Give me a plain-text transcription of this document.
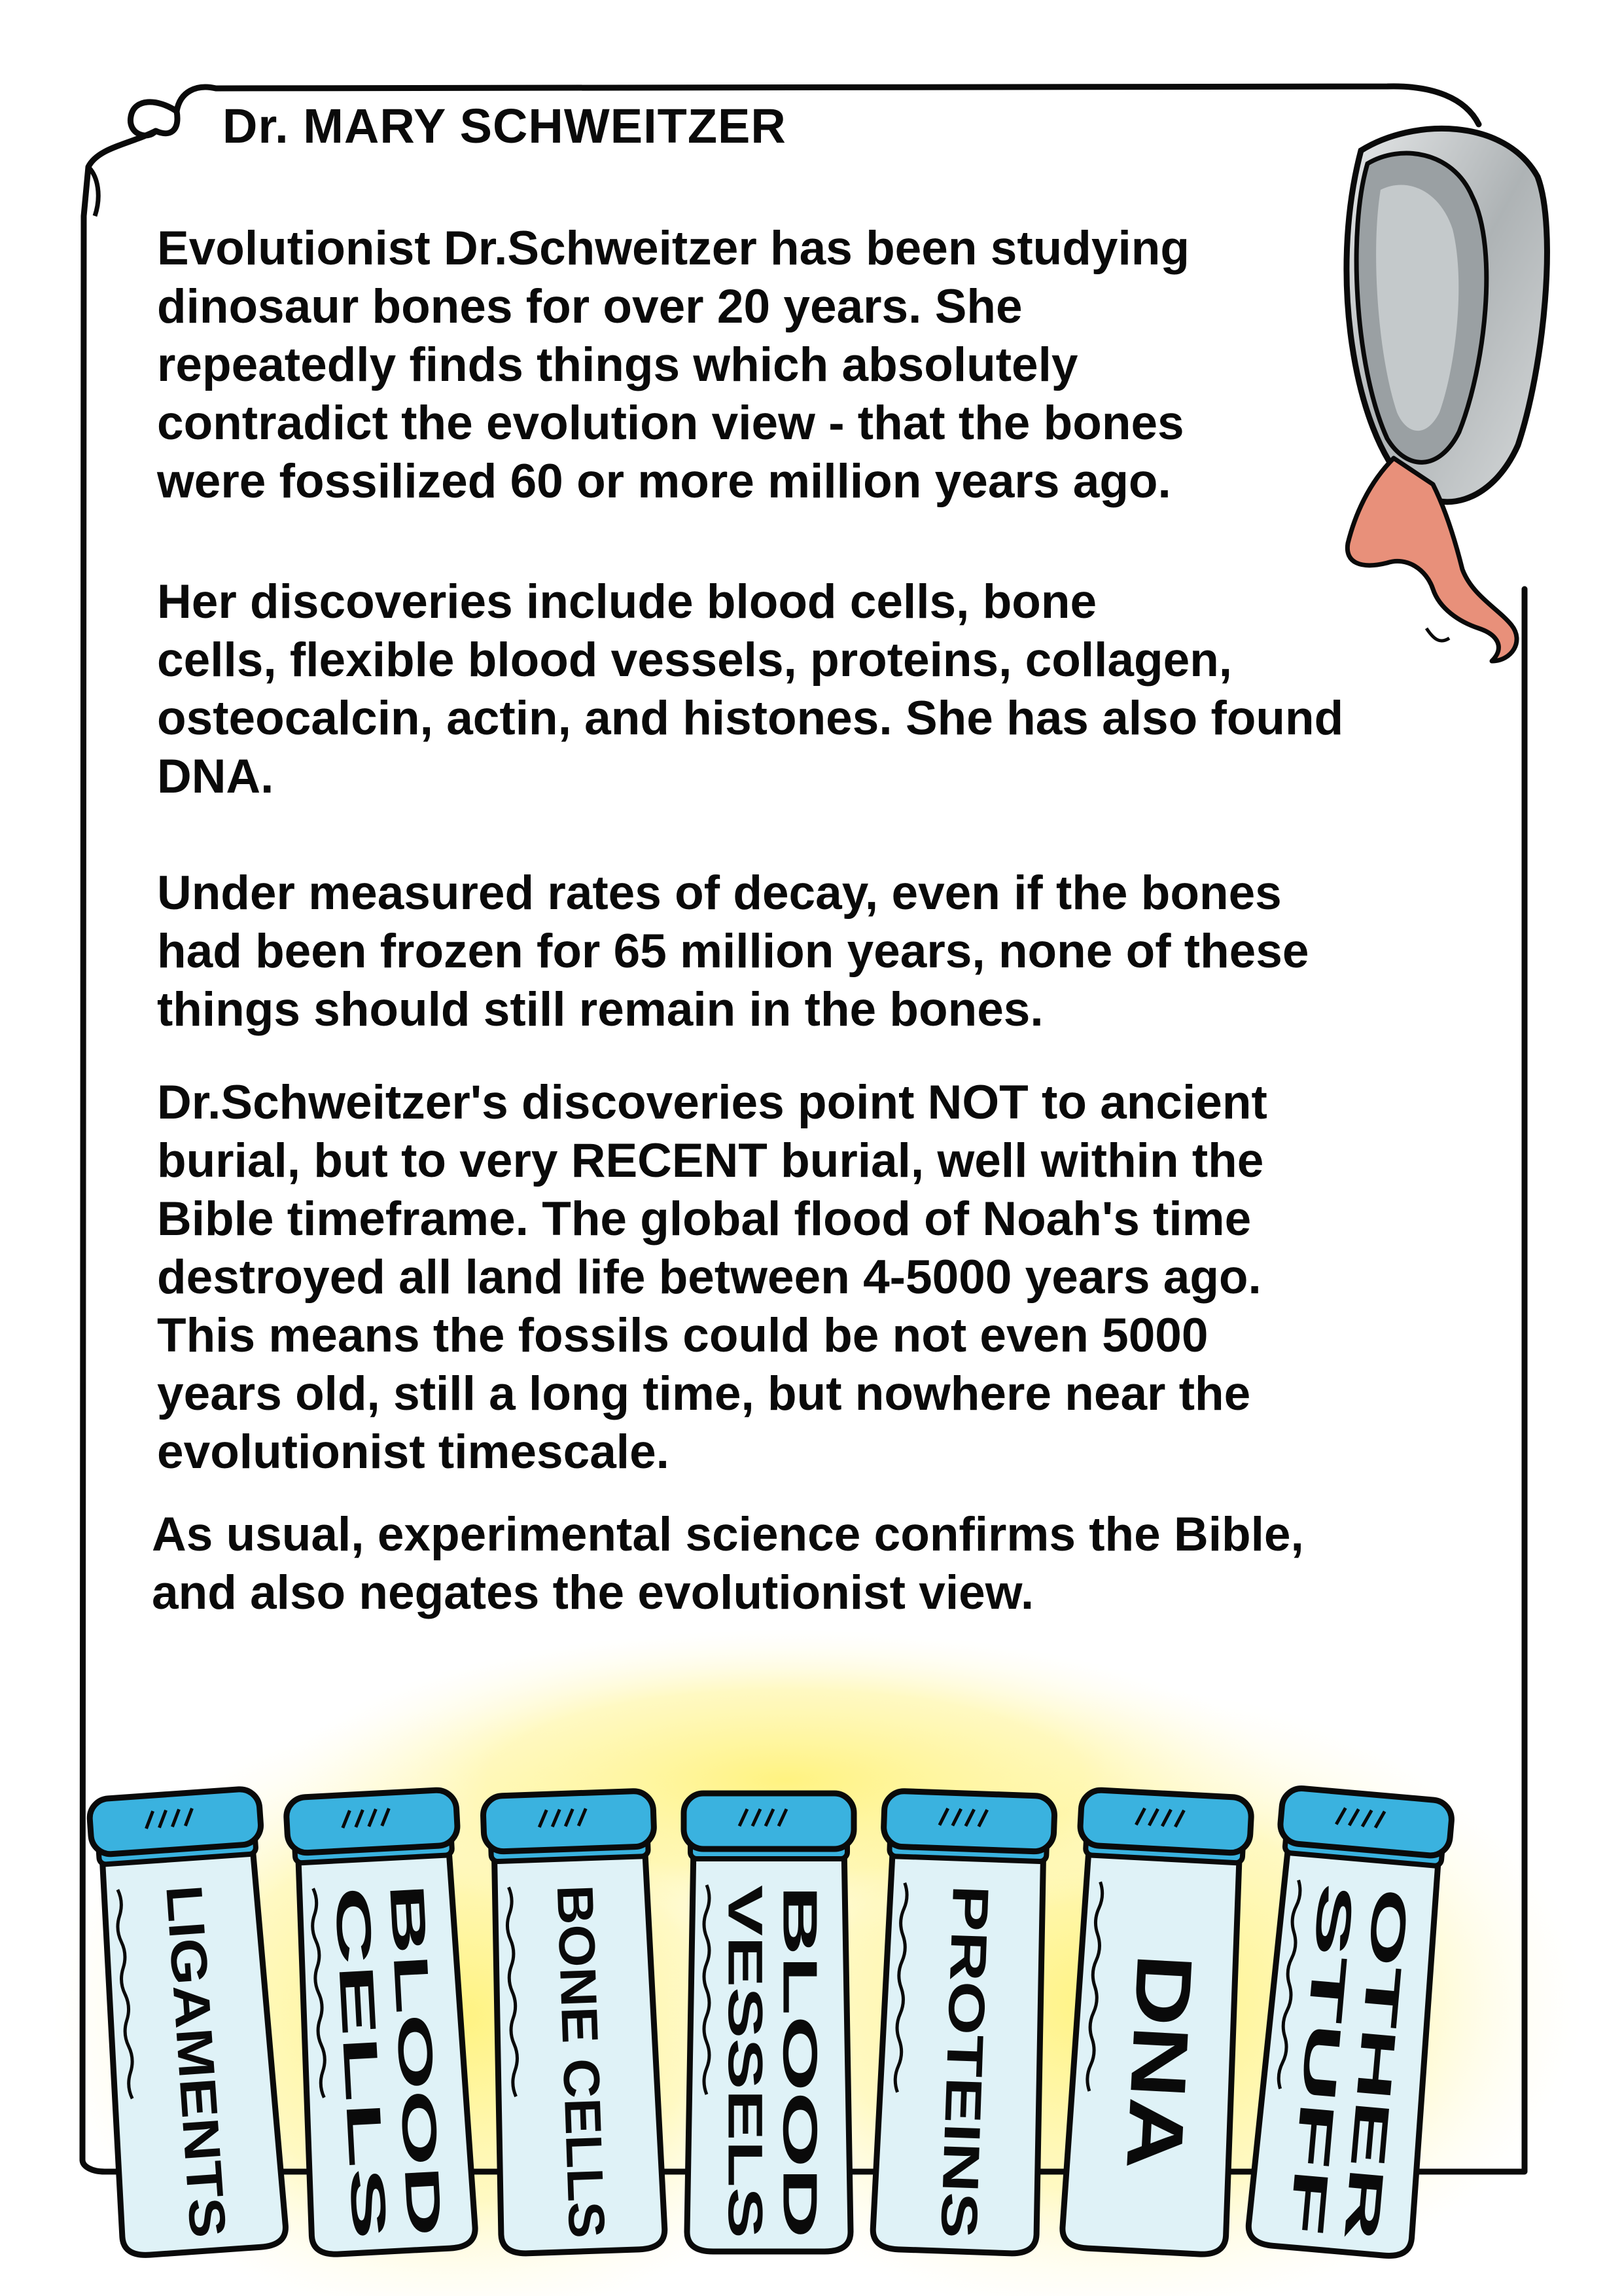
LIGAMENTS	BLOOD
CELLS	BONE CELLS	BLOOD
VESSELS	PROTEINS DNA	OTHER
STUFF
Dr. MARY SCHWEITZER

Evolutionist Dr.Schweitzer has been studying
dinosaur bones for over 20 years. She
repeatedly finds things which absolutely
contradict the evolution view - that the bones
were fossilized 60 or more million years ago.

Her discoveries include blood cells, bone
cells, flexible blood vessels, proteins, collagen,
osteocalcin, actin, and histones. She has also found
DNA.

Under measured rates of decay, even if the bones
had been frozen for 65 million years, none of these
things should still remain in the bones.

Dr.Schweitzer's discoveries point NOT to ancient
burial, but to very RECENT burial, well within the
Bible timeframe. The global flood of Noah's time
destroyed all land life between 4-5000 years ago.
This means the fossils could be not even 5000
years old, still a long time, but nowhere near the
evolutionist timescale.

As usual, experimental science confirms the Bible,
and also negates the evolutionist view.
